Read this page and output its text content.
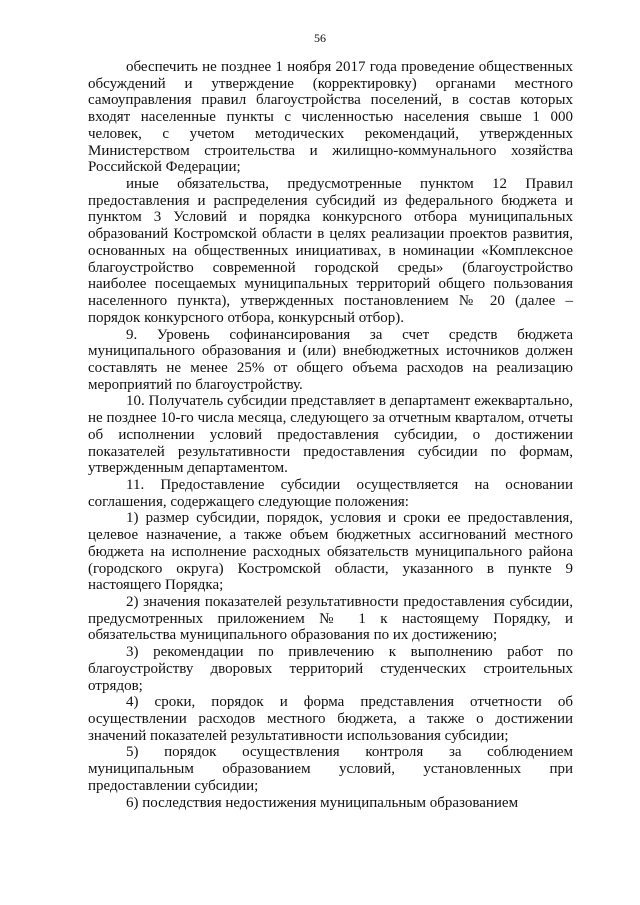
56

обеспечить не позднее 1 ноября 2017 года проведение общественных обсуждений и утверждение (корректировку) органами местного самоуправления правил благоустройства поселений, в состав которых входят населенные пункты с численностью населения свыше 1 000 человек, с учетом методических рекомендаций, утвержденных Министерством строительства и жилищно-коммунального хозяйства Российской Федерации;

иные обязательства, предусмотренные пунктом 12 Правил предоставления и распределения субсидий из федерального бюджета и пунктом 3 Условий и порядка конкурсного отбора муниципальных образований Костромской области в целях реализации проектов развития, основанных на общественных инициативах, в номинации «Комплексное благоустройство современной городской среды» (благоустройство наиболее посещаемых муниципальных территорий общего пользования населенного пункта), утвержденных постановлением № 20 (далее – порядок конкурсного отбора, конкурсный отбор).

9. Уровень софинансирования за счет средств бюджета муниципального образования и (или) внебюджетных источников должен составлять не менее 25% от общего объема расходов на реализацию мероприятий по благоустройству.

10. Получатель субсидии представляет в департамент ежеквартально, не позднее 10-го числа месяца, следующего за отчетным кварталом, отчеты об исполнении условий предоставления субсидии, о достижении показателей результативности предоставления субсидии по формам, утвержденным департаментом.

11. Предоставление субсидии осуществляется на основании соглашения, содержащего следующие положения:

1) размер субсидии, порядок, условия и сроки ее предоставления, целевое назначение, а также объем бюджетных ассигнований местного бюджета на исполнение расходных обязательств муниципального района (городского округа) Костромской области, указанного в пункте 9 настоящего Порядка;

2) значения показателей результативности предоставления субсидии, предусмотренных приложением № 1 к настоящему Порядку, и обязательства муниципального образования по их достижению;

3) рекомендации по привлечению к выполнению работ по благоустройству дворовых территорий студенческих строительных отрядов;

4) сроки, порядок и форма представления отчетности об осуществлении расходов местного бюджета, а также о достижении значений показателей результативности использования субсидии;

5) порядок осуществления контроля за соблюдением муниципальным образованием условий, установленных при предоставлении субсидии;

6) последствия недостижения муниципальным образованием
